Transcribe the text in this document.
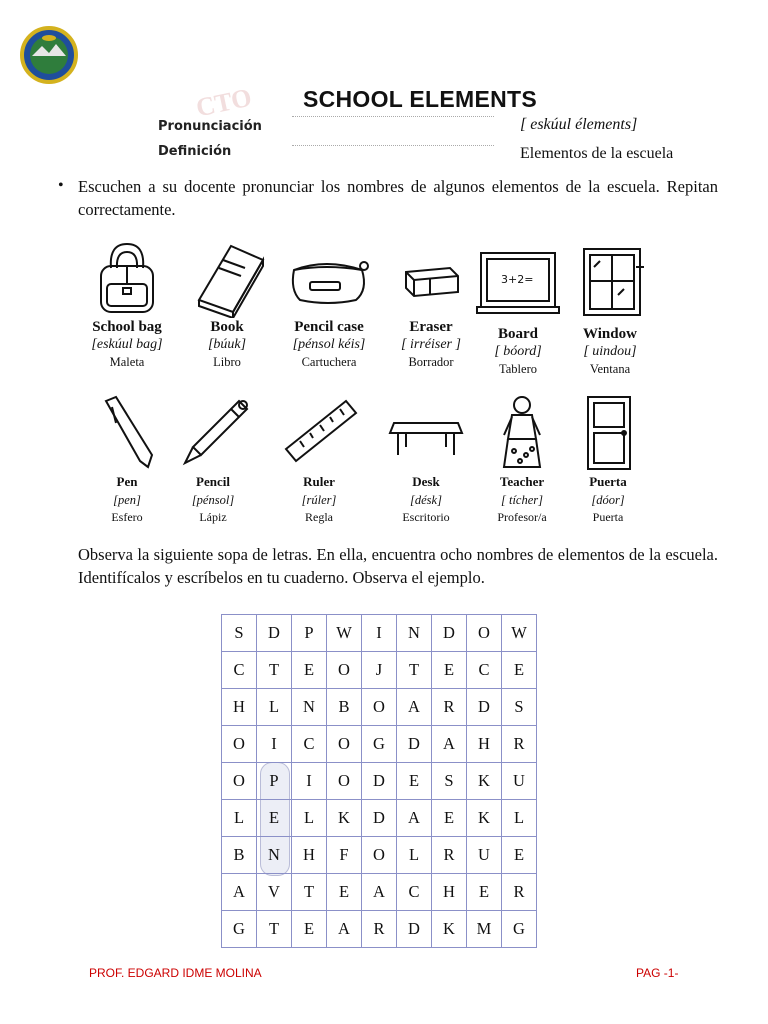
CTO	SCHOOL ELEMENTS
Pronunciación	[ eskúul élements]
Definición	Elementos de la escuela
• Escuchen a su docente pronunciar los nombres de algunos elementos de la escuela. Repitan correctamente.
School bag
[eskúul bag]
Maleta
Book
[búuk]
Libro
Pencil case
[pénsol kéis]
Cartuchera
Eraser
[ irréiser ]
Borrador
3+2=
Board
[ bóord]
Tablero
Window
[ uindou]
Ventana
Pen
[pen]
Esfero
Pencil
[pénsol]
Lápiz
Ruler
[rúler]
Regla
Desk
[désk]
Escritorio
Teacher
[ tícher]
Profesor/a
Puerta
[dóor]
Puerta
Observa la siguiente sopa de letras. En ella, encuentra ocho nombres de elementos de la escuela. Identifícalos y escríbelos en tu cuaderno. Observa el ejemplo.
S	D	P	W	I	N	D	O	W
C	T	E	O	J	T	E	C	E
H	L	N	B	O	A	R	D	S
O	I	C	O	G	D	A	H	R
O	P	I	O	D	E	S	K	U
L	E	L	K	D	A	E	K	L
B	N	H	F	O	L	R	U	E
A	V	T	E	A	C	H	E	R
G	T	E	A	R	D	K	M	G
PROF. EDGARD IDME MOLINA	PAG -1-
